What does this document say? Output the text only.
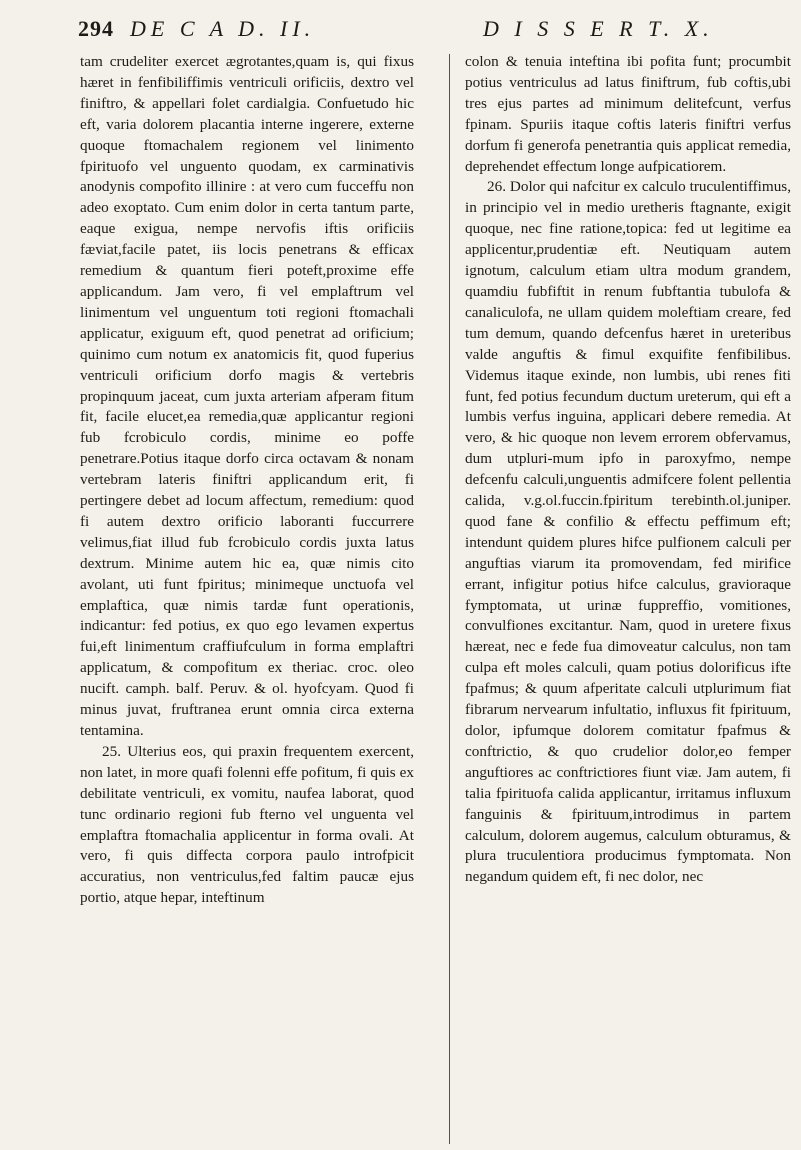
294 DE C A D. II.	D I S S E R T. X.

tam crudeliter exercet ægrotantes,quam is, qui fixus hæret in fenfibiliffimis ventriculi orificiis, dextro vel finiftro, & appellari folet cardialgia. Confuetudo hic eft, varia dolorem placantia interne ingerere, externe quoque ftomachalem regionem vel linimento fpirituofo vel unguento quodam, ex carminativis anodynis compofito illinire : at vero cum fucceffu non adeo exoptato. Cum enim dolor in certa tantum parte, eaque exigua, nempe nervofis iftis orificiis fæviat,facile patet, iis locis penetrans & efficax remedium & quantum fieri poteft,proxime effe applicandum. Jam vero, fi vel emplaftrum vel linimentum vel unguentum toti regioni ftomachali applicatur, exiguum eft, quod penetrat ad orificium; quinimo cum notum ex anatomicis fit, quod fuperius ventriculi orificium dorfo magis & vertebris propinquum jaceat, cum juxta arteriam afperam fitum fit, facile elucet,ea remedia,quæ applicantur regioni fub fcrobiculo cordis, minime eo poffe penetrare.Potius itaque dorfo circa octavam & nonam vertebram lateris finiftri applicandum erit, fi pertingere debet ad locum affectum, remedium: quod fi autem dextro orificio laboranti fuccurrere velimus,fiat illud fub fcrobiculo cordis juxta latus dextrum. Minime autem hic ea, quæ nimis cito avolant, uti funt fpiritus; minimeque unctuofa vel emplaftica, quæ nimis tardæ funt operationis, indicantur: fed potius, ex quo ego levamen expertus fui,eft linimentum craffiufculum in forma emplaftri applicatum, & compofitum ex theriac. croc. oleo nucift. camph. balf. Peruv. & ol. hyofcyam. Quod fi minus juvat, fruftranea erunt omnia circa externa tentamina.

25. Ulterius eos, qui praxin frequentem exercent, non latet, in more quafi folenni effe pofitum, fi quis ex debilitate ventriculi, ex vomitu, naufea laborat, quod tunc ordinario regioni fub fterno vel unguenta vel emplaftra ftomachalia applicentur in forma ovali. At vero, fi quis diffecta corpora paulo introfpicit accuratius, non ventriculus,fed faltim paucæ ejus portio, atque hepar, inteftinum

colon & tenuia inteftina ibi pofita funt; procumbit potius ventriculus ad latus finiftrum, fub coftis,ubi tres ejus partes ad minimum delitefcunt, verfus fpinam. Spuriis itaque coftis lateris finiftri verfus dorfum fi generofa penetrantia quis applicat remedia, deprehendet effectum longe aufpicatiorem.

26. Dolor qui nafcitur ex calculo truculentiffimus, in principio vel in medio uretheris ftagnante, exigit quoque, nec fine ratione,topica: fed ut legitime ea applicentur,prudentiæ eft. Neutiquam autem ignotum, calculum etiam ultra modum grandem, quamdiu fubfiftit in renum fubftantia tubulofa & canaliculofa, ne ullam quidem moleftiam creare, fed tum demum, quando defcenfus hæret in ureteribus valde anguftis & fimul exquifite fenfibilibus. Videmus itaque exinde, non lumbis, ubi renes fiti funt, fed potius fecundum ductum ureterum, qui eft a lumbis verfus inguina, applicari debere remedia. At vero, & hic quoque non levem errorem obfervamus, dum utpluri-mum ipfo in paroxyfmo, nempe defcenfu calculi,unguentis admifcere folent pellentia calida, v.g.ol.fuccin.fpiritum terebinth.ol.juniper. quod fane & confilio & effectu peffimum eft; intendunt quidem plures hifce pulfionem calculi per anguftias viarum ita promovendam, fed mirifice errant, infigitur potius hifce calculus, gravioraque fymptomata, ut urinæ fuppreffio, vomitiones, convulfiones excitantur. Nam, quod in uretere fixus hæreat, nec e fede fua dimoveatur calculus, non tam culpa eft moles calculi, quam potius dolorificus ifte fpafmus; & quum afperitate calculi utplurimum fiat fibrarum nervearum infultatio, influxus fit fpirituum, dolor, ipfumque dolorem comitatur fpafmus & conftrictio, & quo crudelior dolor,eo femper anguftiores ac conftrictiores fiunt viæ. Jam autem, fi talia fpirituofa calida applicantur, irritamus influxum fanguinis & fpirituum,introdimus in partem calculum, dolorem augemus, calculum obturamus, & plura truculentiora producimus fymptomata. Non negandum quidem eft, fi nec dolor, nec
